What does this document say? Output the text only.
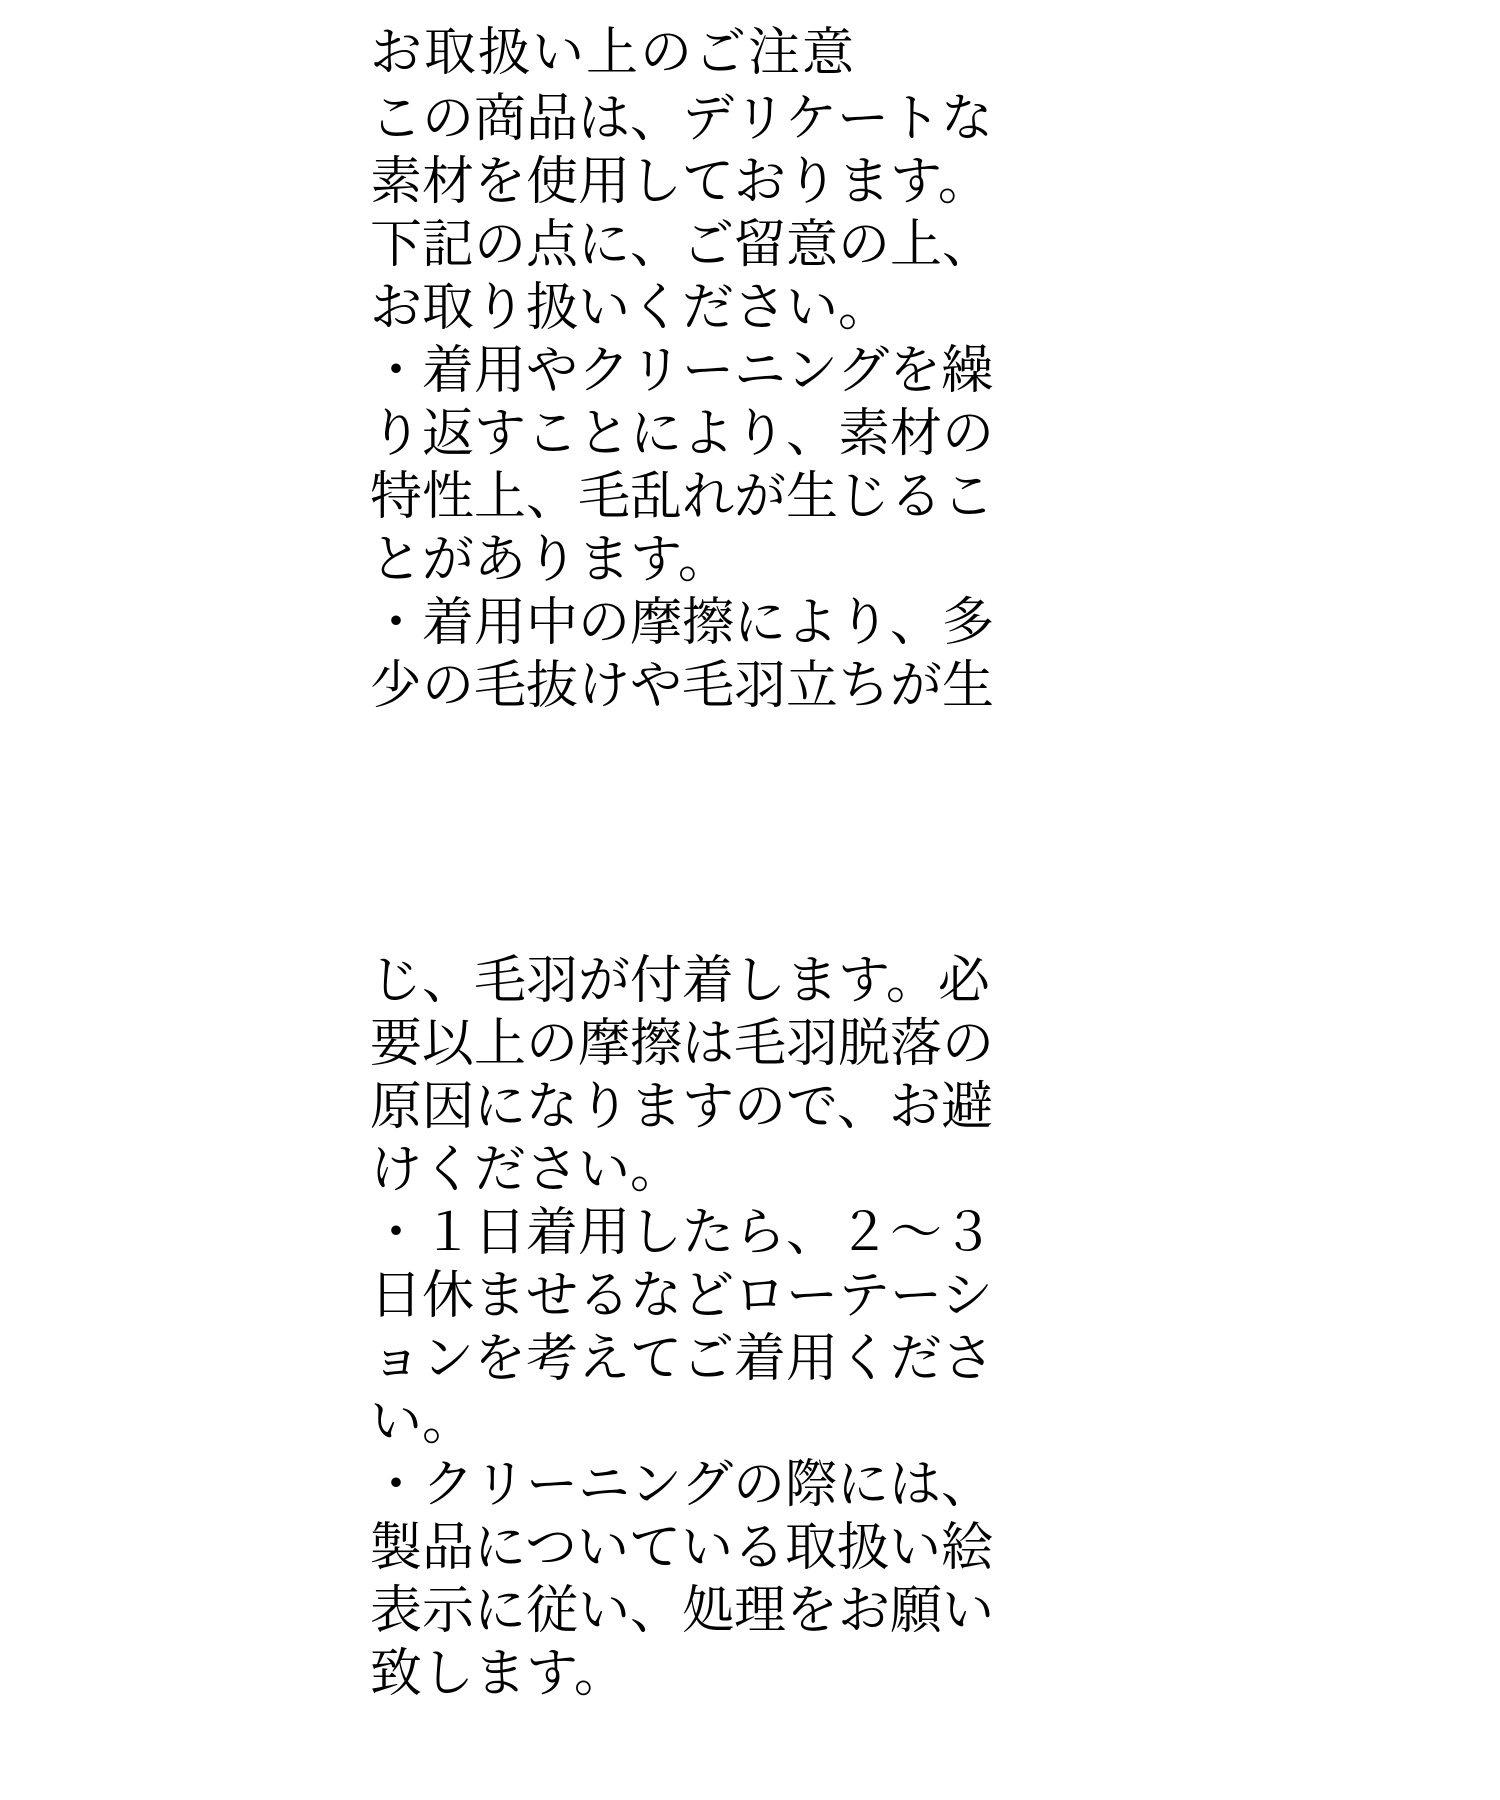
お取扱い上のご注意
この商品は、デリケートな
素材を使用しております。
下記の点に、ご留意の上、
お取り扱いください。
・着用やクリーニングを繰
り返すことにより、素材の
特性上、毛乱れが生じるこ
とがあります。
・着用中の摩擦により、多
少の毛抜けや毛羽立ちが生
じ、毛羽が付着します。必
要以上の摩擦は毛羽脱落の
原因になりますので、お避
けください。
・１日着用したら、２～３
日休ませるなどローテーシ
ョンを考えてご着用くださ
い。
・クリーニングの際には、
製品についている取扱い絵
表示に従い、処理をお願い
致します。
